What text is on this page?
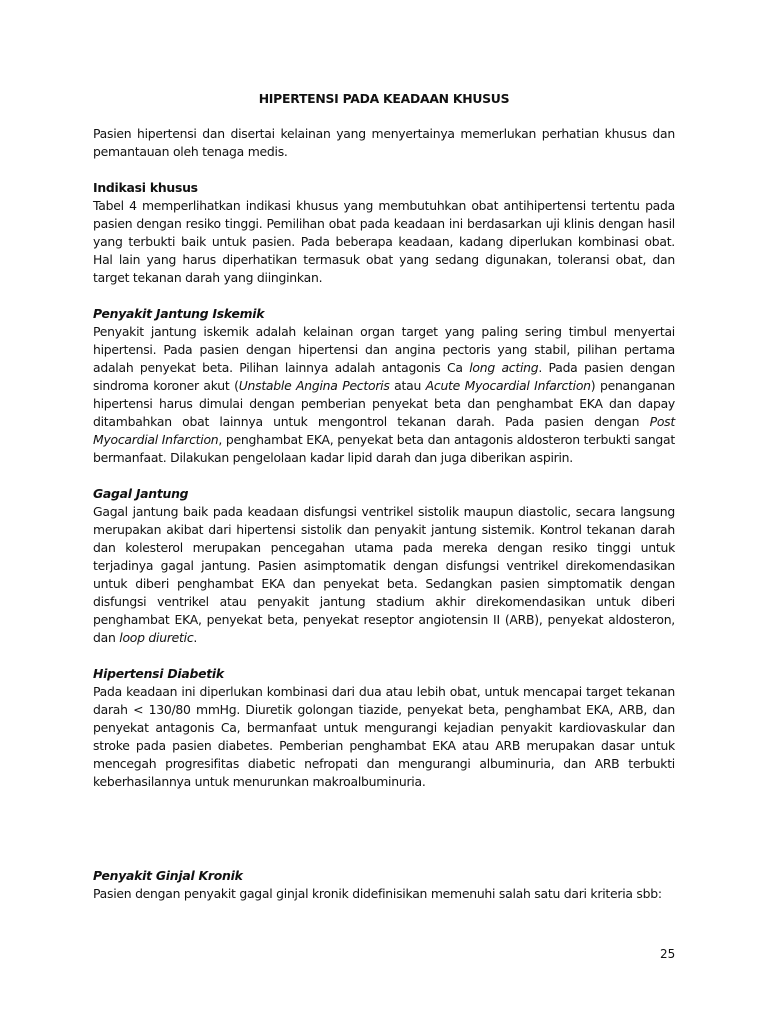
HIPERTENSI PADA KEADAAN KHUSUS

Pasien hipertensi dan disertai kelainan yang menyertainya memerlukan perhatian khusus dan pemantauan oleh tenaga medis.

Indikasi khusus

Tabel 4 memperlihatkan indikasi khusus yang membutuhkan obat antihipertensi tertentu pada pasien dengan resiko tinggi. Pemilihan obat pada keadaan ini berdasarkan uji klinis dengan hasil yang terbukti baik untuk pasien. Pada beberapa keadaan, kadang diperlukan kombinasi obat. Hal lain yang harus diperhatikan termasuk obat yang sedang digunakan, toleransi obat, dan target tekanan darah yang diinginkan.

Penyakit Jantung Iskemik

Penyakit jantung iskemik adalah kelainan organ target yang paling sering timbul menyertai hipertensi. Pada pasien dengan hipertensi dan angina pectoris yang stabil, pilihan pertama adalah penyekat beta. Pilihan lainnya adalah antagonis Ca long acting. Pada pasien dengan sindroma koroner akut (Unstable Angina Pectoris atau Acute Myocardial Infarction) penanganan hipertensi harus dimulai dengan pemberian penyekat beta dan penghambat EKA dan dapay ditambahkan obat lainnya untuk mengontrol tekanan darah. Pada pasien dengan Post Myocardial Infarction, penghambat EKA, penyekat beta dan antagonis aldosteron terbukti sangat bermanfaat. Dilakukan pengelolaan kadar lipid darah dan juga diberikan aspirin.

Gagal Jantung

Gagal jantung baik pada keadaan disfungsi ventrikel sistolik maupun diastolic, secara langsung merupakan akibat dari hipertensi sistolik dan penyakit jantung sistemik. Kontrol tekanan darah dan kolesterol merupakan pencegahan utama pada mereka dengan resiko tinggi untuk terjadinya gagal jantung. Pasien asimptomatik dengan disfungsi ventrikel direkomendasikan untuk diberi penghambat EKA dan penyekat beta. Sedangkan pasien simptomatik dengan disfungsi ventrikel atau penyakit jantung stadium akhir direkomendasikan untuk diberi penghambat EKA, penyekat beta, penyekat reseptor angiotensin II (ARB), penyekat aldosteron, dan loop diuretic.

Hipertensi Diabetik

Pada keadaan ini diperlukan kombinasi dari dua atau lebih obat, untuk mencapai target tekanan darah < 130/80 mmHg. Diuretik golongan tiazide, penyekat beta, penghambat EKA, ARB, dan penyekat antagonis Ca, bermanfaat untuk mengurangi kejadian penyakit kardiovaskular dan stroke pada pasien diabetes. Pemberian penghambat EKA atau ARB merupakan dasar untuk mencegah progresifitas diabetic nefropati dan mengurangi albuminuria, dan ARB terbukti keberhasilannya untuk menurunkan makroalbuminuria.

Penyakit Ginjal Kronik

Pasien dengan penyakit gagal ginjal kronik didefinisikan memenuhi salah satu dari kriteria sbb:

25
